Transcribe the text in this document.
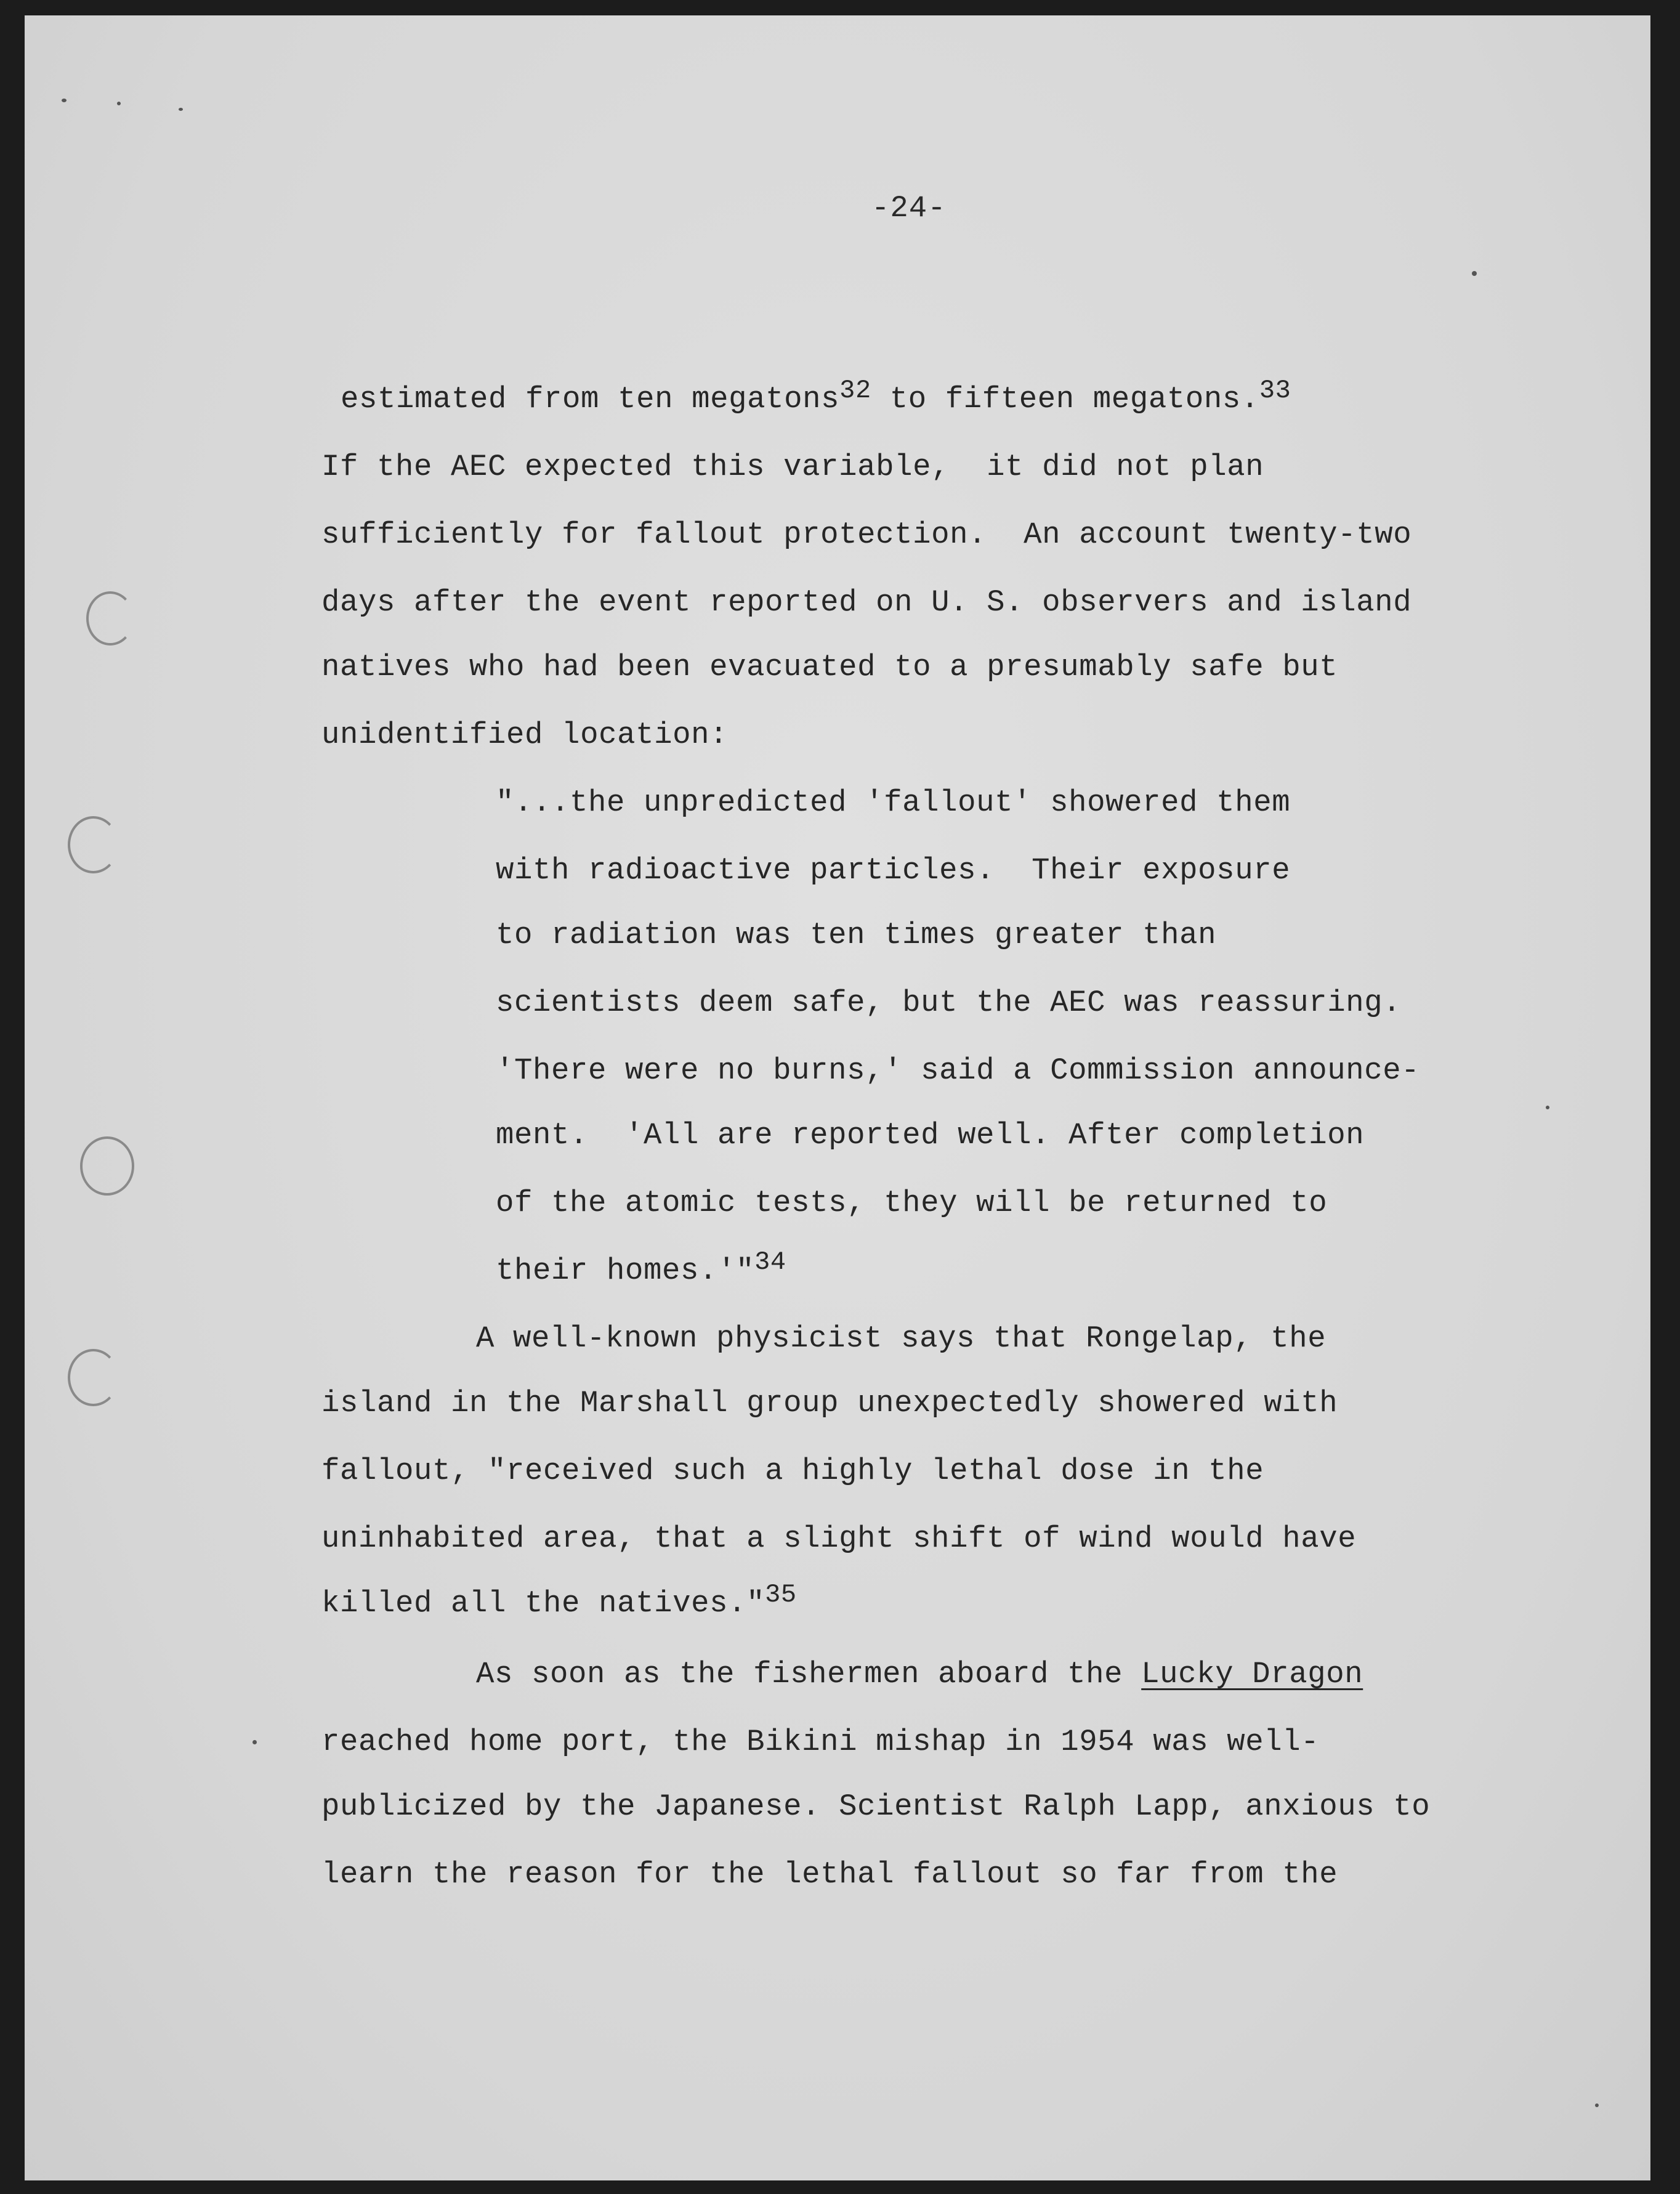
-24-
estimated from ten megatons$^{32}$ to fifteen megatons.$^{33}$
If the AEC expected this variable,  it did not plan
sufficiently for fallout protection.  An account twenty-two
days after the event reported on U. S. observers and island
natives who had been evacuated to a presumably safe but
unidentified location:
"...the unpredicted 'fallout' showered them
with radioactive particles.  Their exposure
to radiation was ten times greater than
scientists deem safe, but the AEC was reassuring.
'There were no burns,' said a Commission announce-
ment.  'All are reported well. After completion
of the atomic tests, they will be returned to
their homes.'"$^{34}$
A well-known physicist says that Rongelap, the
island in the Marshall group unexpectedly showered with
fallout, "received such a highly lethal dose in the
uninhabited area, that a slight shift of wind would have
killed all the natives."$^{35}$
As soon as the fishermen aboard the Lucky Dragon
reached home port, the Bikini mishap in 1954 was well-
publicized by the Japanese. Scientist Ralph Lapp, anxious to
learn the reason for the lethal fallout so far from the
